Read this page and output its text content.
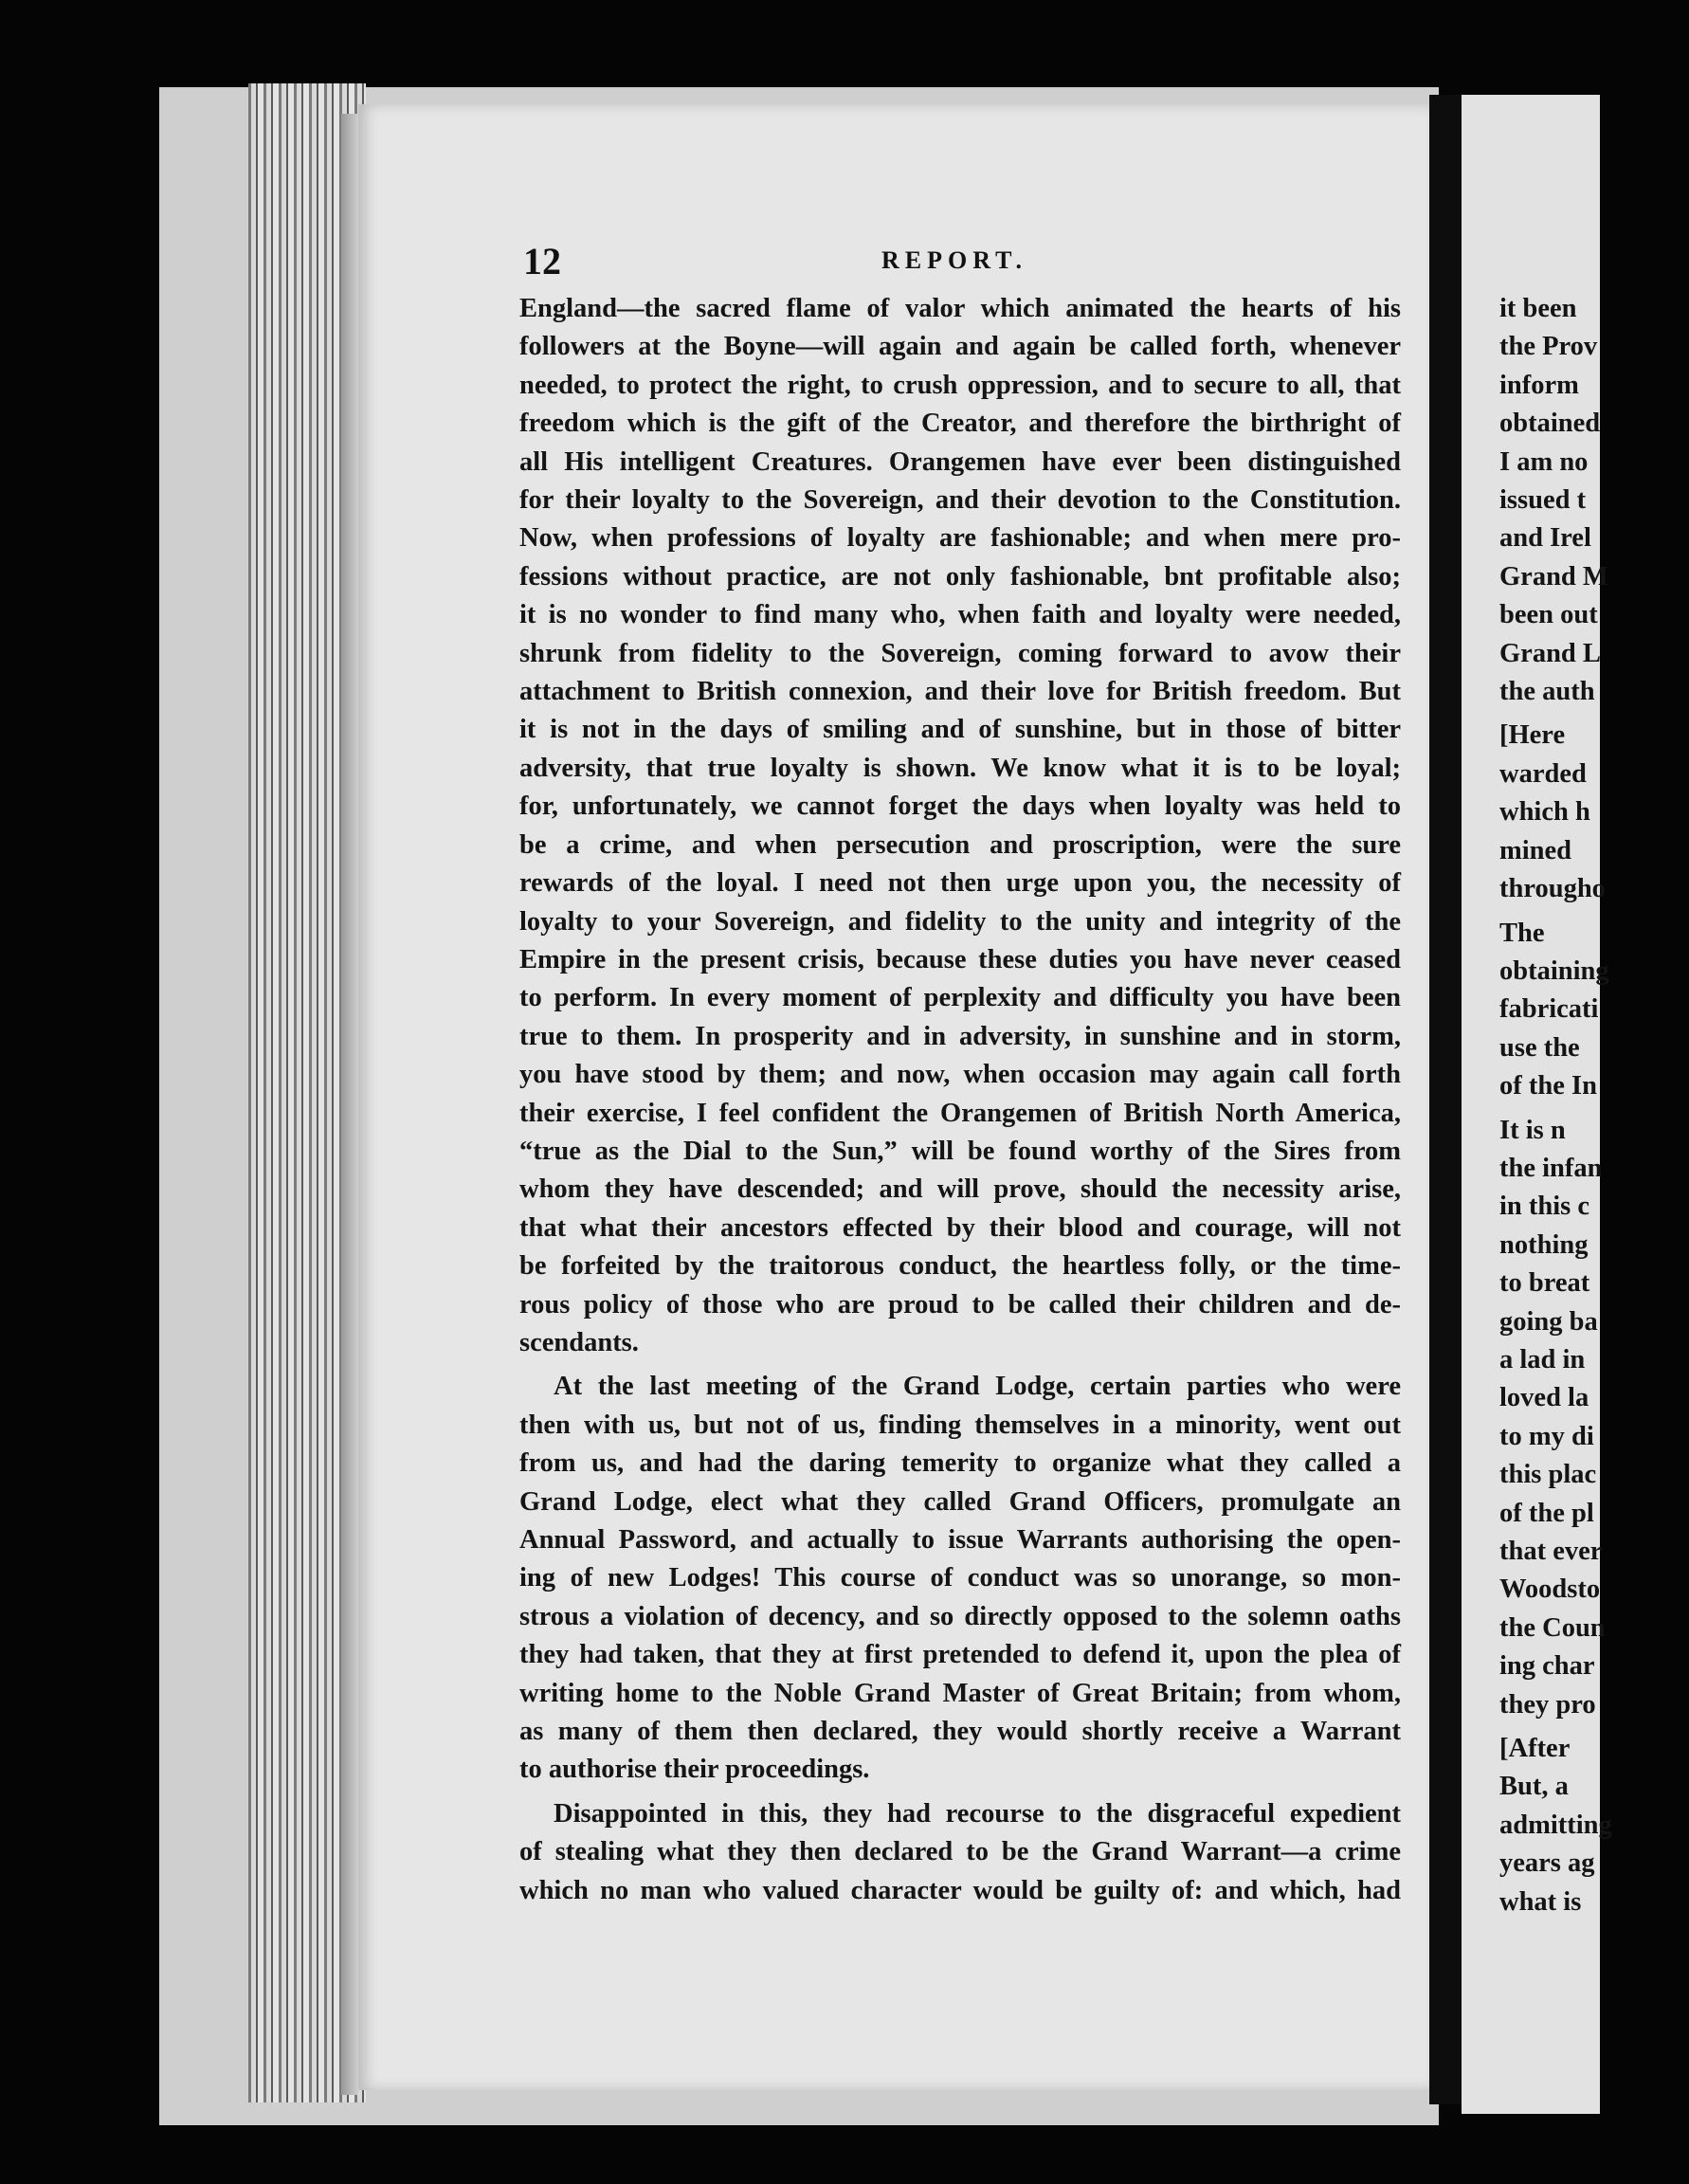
12	REPORT.
England—the sacred flame of valor which animated the hearts of his
followers at the Boyne—will again and again be called forth, whenever
needed, to protect the right, to crush oppression, and to secure to all, that
freedom which is the gift of the Creator, and therefore the birthright of
all His intelligent Creatures. Orangemen have ever been distinguished
for their loyalty to the Sovereign, and their devotion to the Constitution.
Now, when professions of loyalty are fashionable; and when mere pro-
fessions without practice, are not only fashionable, bnt profitable also;
it is no wonder to find many who, when faith and loyalty were needed,
shrunk from fidelity to the Sovereign, coming forward to avow their
attachment to British connexion, and their love for British freedom. But
it is not in the days of smiling and of sunshine, but in those of bitter
adversity, that true loyalty is shown. We know what it is to be loyal;
for, unfortunately, we cannot forget the days when loyalty was held to
be a crime, and when persecution and proscription, were the sure
rewards of the loyal. I need not then urge upon you, the necessity of
loyalty to your Sovereign, and fidelity to the unity and integrity of the
Empire in the present crisis, because these duties you have never ceased
to perform. In every moment of perplexity and difficulty you have been
true to them. In prosperity and in adversity, in sunshine and in storm,
you have stood by them; and now, when occasion may again call forth
their exercise, I feel confident the Orangemen of British North America,
“true as the Dial to the Sun,” will be found worthy of the Sires from
whom they have descended; and will prove, should the necessity arise,
that what their ancestors effected by their blood and courage, will not
be forfeited by the traitorous conduct, the heartless folly, or the time-
rous policy of those who are proud to be called their children and de-
scendants.
At the last meeting of the Grand Lodge, certain parties who were
then with us, but not of us, finding themselves in a minority, went out
from us, and had the daring temerity to organize what they called a
Grand Lodge, elect what they called Grand Officers, promulgate an
Annual Password, and actually to issue Warrants authorising the open-
ing of new Lodges! This course of conduct was so unorange, so mon-
strous a violation of decency, and so directly opposed to the solemn oaths
they had taken, that they at first pretended to defend it, upon the plea of
writing home to the Noble Grand Master of Great Britain; from whom,
as many of them then declared, they would shortly receive a Warrant
to authorise their proceedings.
Disappointed in this, they had recourse to the disgraceful expedient
of stealing what they then declared to be the Grand Warrant—a crime
which no man who valued character would be guilty of: and which, had
it been
the Prov
inform
obtained
I am no
issued t
and Irel
Grand M
been out
Grand L
the auth
[Here
warded
which h
mined
througho
The
obtaining
fabricati
use the
of the In
It is n
the infan
in this c
nothing
to breat
going ba
a lad in
loved la
to my di
this plac
of the pl
that ever
Woodsto
the Coun
ing char
they pro
[After
But, a
admitting
years ag
what is
